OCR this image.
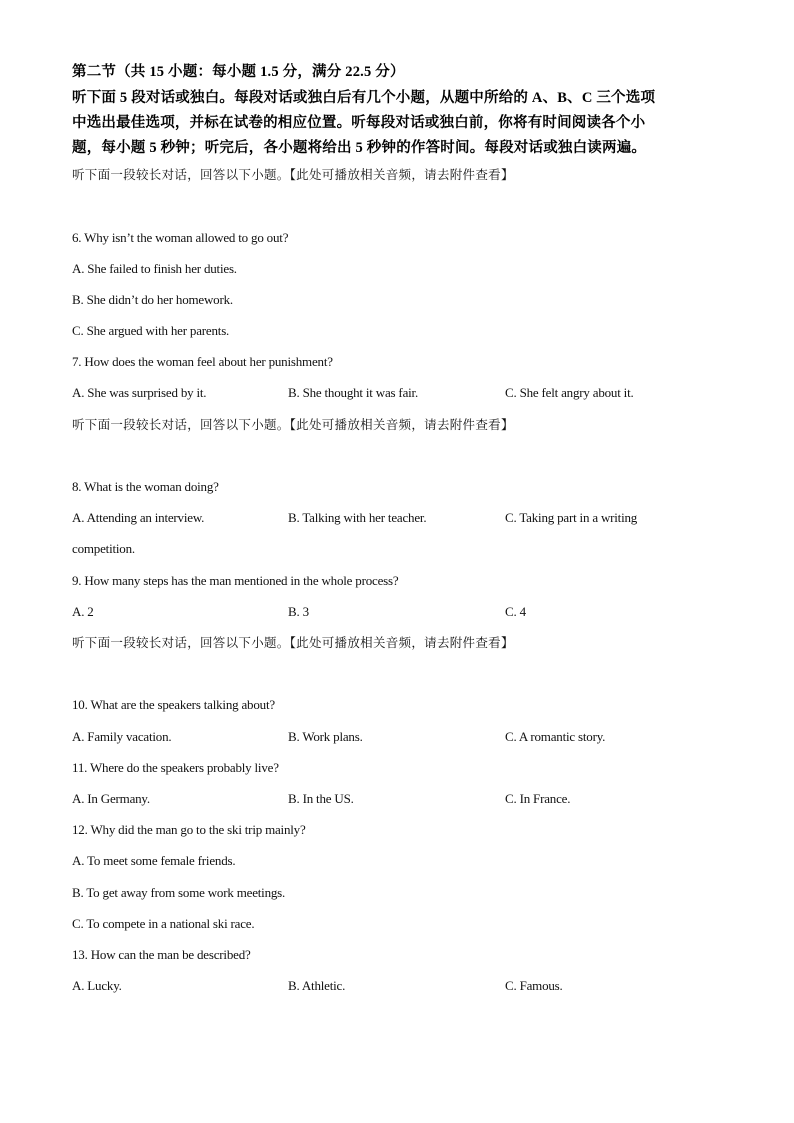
第二节（共 15 小题：每小题 1.5 分，满分 22.5 分）
听下面 5 段对话或独白。每段对话或独白后有几个小题，从题中所给的 A、B、C 三个选项
中选出最佳选项，并标在试卷的相应位置。听每段对话或独白前，你将有时间阅读各个小
题，每小题 5 秒钟；听完后，各小题将给出 5 秒钟的作答时间。每段对话或独白读两遍。
听下面一段较长对话，回答以下小题。【此处可播放相关音频，请去附件查看】
6. Why isn’t the woman allowed to go out?
A. She failed to finish her duties.
B. She didn’t do her homework.
C. She argued with her parents.
7. How does the woman feel about her punishment?
A. She was surprised by it.	B. She thought it was fair.	C. She felt angry about it.
听下面一段较长对话，回答以下小题。【此处可播放相关音频，请去附件查看】
8. What is the woman doing?
A. Attending an interview.	B. Talking with her teacher.	C. Taking part in a writing
competition.
9. How many steps has the man mentioned in the whole process?
A. 2	B. 3	C. 4
听下面一段较长对话，回答以下小题。【此处可播放相关音频，请去附件查看】
10. What are the speakers talking about?
A. Family vacation.	B. Work plans.	C. A romantic story.
11. Where do the speakers probably live?
A. In Germany.	B. In the US.	C. In France.
12. Why did the man go to the ski trip mainly?
A. To meet some female friends.
B. To get away from some work meetings.
C. To compete in a national ski race.
13. How can the man be described?
A. Lucky.	B. Athletic.	C. Famous.
